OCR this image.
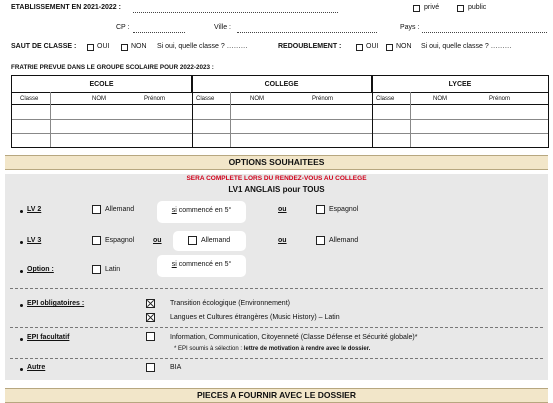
ETABLISSEMENT EN 2021-2022 :	privé	public
CP :	Ville :	Pays :
SAUT DE CLASSE :	OUI	NON Si oui, quelle classe ? ………	REDOUBLEMENT :	OUI	NON Si oui, quelle classe ? ………
FRATRIE PREVUE DANS LE GROUPE SCOLAIRE POUR 2022-2023 :
ECOLE	COLLEGE	LYCEE
Classe	NOM	Prénom	Classe	NOM	Prénom	Classe	NOM	Prénom
OPTIONS SOUHAITEES
SERA COMPLETE LORS DU RENDEZ-VOUS AU COLLEGE
LV1 ANGLAIS pour TOUS
LV 2	Allemand	si commencé en 5°	ou	Espagnol
LV 3	Espagnol	ou	Allemand	ou	Allemand
Option :	Latin
si commencé en 5°
EPI obligatoires :	Transition écologique (Environnement)
Langues et Cultures étrangères (Music History) – Latin
EPI facultatif	Information, Communication, Citoyenneté (Classe Défense et Sécurité globale)*
* EPI soumis à sélection : lettre de motivation à rendre avec le dossier.
Autre	BIA
PIECES A FOURNIR AVEC LE DOSSIER
